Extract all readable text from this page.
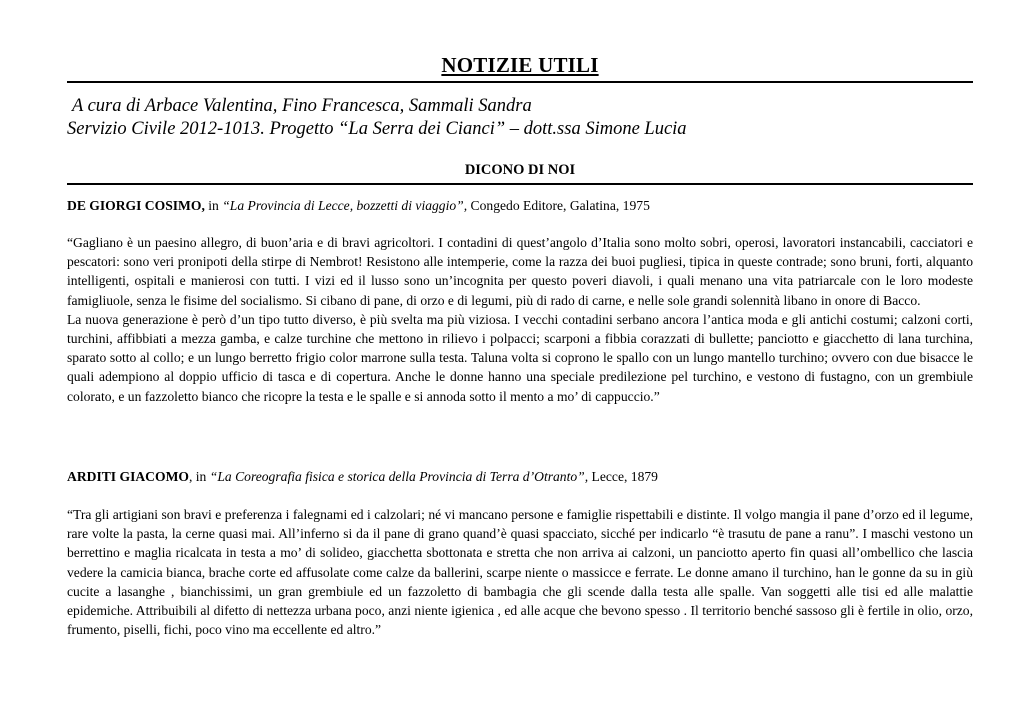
NOTIZIE UTILI
A cura di Arbace Valentina, Fino Francesca, Sammali Sandra
Servizio Civile 2012-1013. Progetto “La Serra dei Cianci” – dott.ssa Simone Lucia
DICONO DI NOI
DE GIORGI COSIMO, in “La Provincia di Lecce, bozzetti di viaggio”, Congedo Editore, Galatina, 1975
“Gagliano è un paesino allegro, di buon’aria e di bravi agricoltori. I contadini di quest’angolo d’Italia sono molto sobri, operosi, lavoratori instancabili, cacciatori e pescatori: sono veri pronipoti della stirpe di Nembrot! Resistono alle intemperie, come la razza dei buoi pugliesi, tipica in queste contrade; sono bruni, forti, alquanto intelligenti, ospitali e manierosi con tutti. I vizi ed il lusso sono un’incognita per questo poveri diavoli, i quali menano una vita patriarcale con le loro modeste famigliuole, senza le fisime del socialismo. Si cibano di pane, di orzo e di legumi, più di rado di carne, e nelle sole grandi solennità libano in onore di Bacco.
La nuova generazione è però d’un tipo tutto diverso, è più svelta ma più viziosa. I vecchi contadini serbano ancora l’antica moda e gli antichi costumi; calzoni corti, turchini, affibbiati a mezza gamba, e calze turchine che mettono in rilievo i polpacci; scarponi a fibbia corazzati di bullette; panciotto e giacchetto di lana turchina, sparato sotto al collo; e un lungo berretto frigio color marrone sulla testa. Taluna volta si coprono le spallo con un lungo mantello turchino; ovvero con due bisacce le quali adempiono al doppio ufficio di tasca e di copertura. Anche le donne hanno una speciale predilezione pel turchino, e vestono di fustagno, con un grembiule colorato, e un fazzoletto bianco che ricopre la testa e le spalle e si annoda sotto il mento a mo’ di cappuccio.”
ARDITI GIACOMO, in “La Coreografia fisica e storica della Provincia di Terra d’Otranto”, Lecce, 1879
“Tra gli artigiani son bravi e preferenza i falegnami ed i calzolari; né vi mancano persone e famiglie rispettabili e distinte. Il volgo mangia il pane d’orzo ed il legume, rare volte la pasta, la cerne quasi mai. All’inferno si da il pane di grano quand’è quasi spacciato, sicché per indicarlo “è trasutu de pane a ranu”. I maschi vestono un berrettino e maglia ricalcata in testa a mo’ di solideo, giacchetta sbottonata e stretta che non arriva ai calzoni, un panciotto aperto fin quasi all’ombellico che lascia vedere la camicia bianca, brache corte ed affusolate come calze da ballerini, scarpe niente o massicce e ferrate. Le donne amano il turchino, han le gonne da su in giù cucite a lasanghe , bianchissimi, un gran grembiule ed un fazzoletto di bambagia che gli scende dalla testa alle spalle. Van soggetti alle tisi ed alle malattie epidemiche. Attribuibili al difetto di nettezza urbana poco, anzi niente igienica , ed alle acque che bevono spesso . Il territorio benché sassoso gli è fertile in olio, orzo, frumento, piselli, fichi, poco vino ma eccellente ed altro.”
